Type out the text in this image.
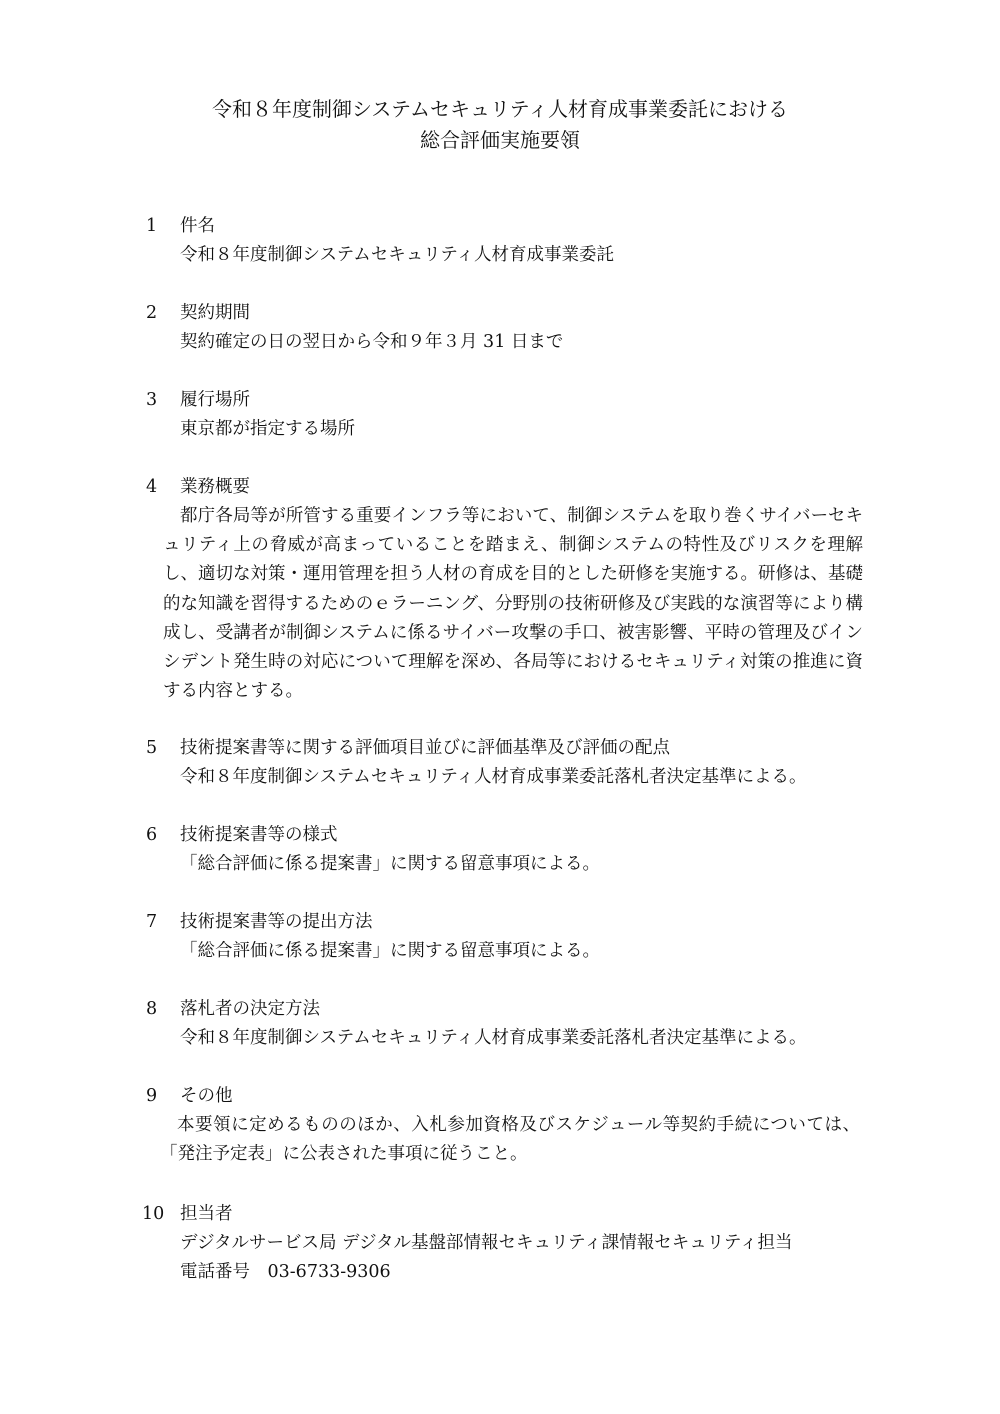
令和８年度制御システムセキュリティ人材育成事業委託における
総合評価実施要領
1 件名
令和８年度制御システムセキュリティ人材育成事業委託
2 契約期間
契約確定の日の翌日から令和９年３月 31 日まで
3 履行場所
東京都が指定する場所
4 業務概要
都庁各局等が所管する重要インフラ等において、制御システムを取り巻くサイバーセキュリティ上の脅威が高まっていることを踏まえ、制御システムの特性及びリスクを理解し、適切な対策・運用管理を担う人材の育成を目的とした研修を実施する。研修は、基礎的な知識を習得するためのｅラーニング、分野別の技術研修及び実践的な演習等により構成し、受講者が制御システムに係るサイバー攻撃の手口、被害影響、平時の管理及びインシデント発生時の対応について理解を深め、各局等におけるセキュリティ対策の推進に資する内容とする。
5 技術提案書等に関する評価項目並びに評価基準及び評価の配点
令和８年度制御システムセキュリティ人材育成事業委託落札者決定基準による。
6 技術提案書等の様式
「総合評価に係る提案書」に関する留意事項による。
7 技術提案書等の提出方法
「総合評価に係る提案書」に関する留意事項による。
8 落札者の決定方法
令和８年度制御システムセキュリティ人材育成事業委託落札者決定基準による。
9 その他
本要領に定めるもののほか、入札参加資格及びスケジュール等契約手続については、「発注予定表」に公表された事項に従うこと。
10 担当者
デジタルサービス局 デジタル基盤部情報セキュリティ課情報セキュリティ担当
電話番号　03-6733-9306
